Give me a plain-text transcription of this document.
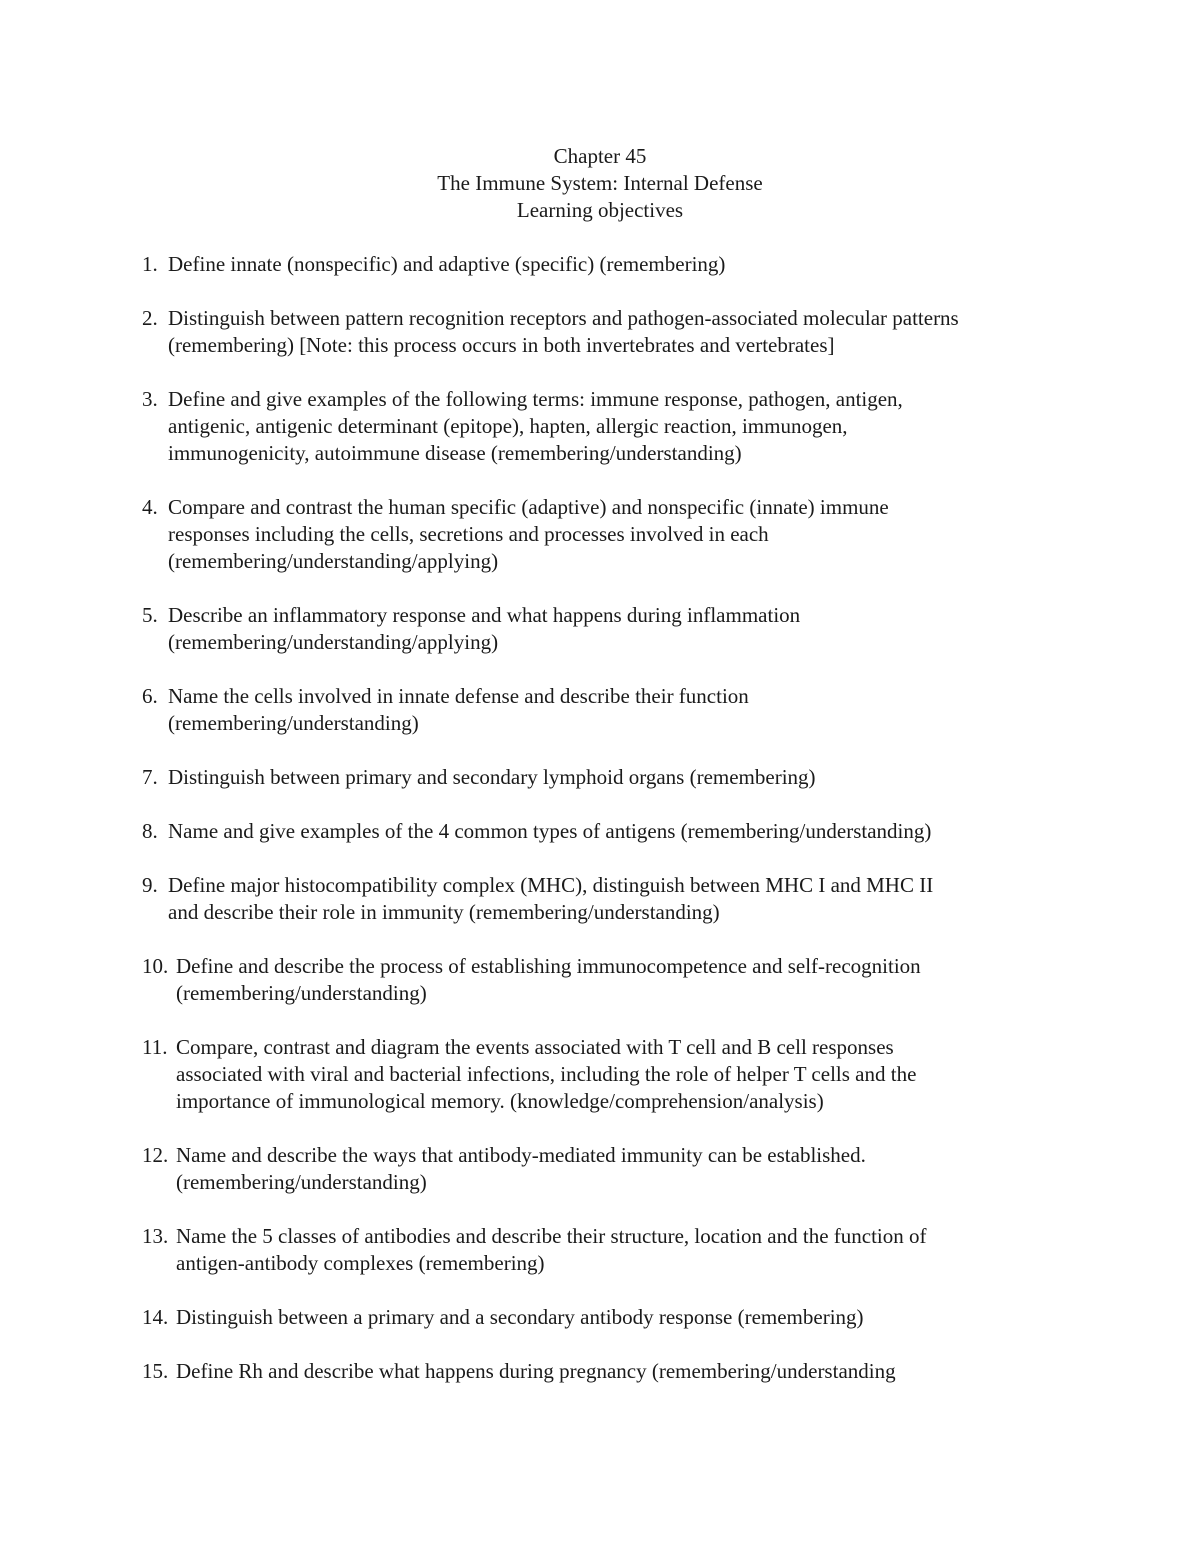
Chapter 45
The Immune System: Internal Defense
Learning objectives
1. Define innate (nonspecific) and adaptive (specific) (remembering)
2. Distinguish between pattern recognition receptors and pathogen-associated molecular patterns
(remembering) [Note: this process occurs in both invertebrates and vertebrates]
3. Define and give examples of the following terms: immune response, pathogen, antigen,
antigenic, antigenic determinant (epitope), hapten, allergic reaction, immunogen,
immunogenicity, autoimmune disease (remembering/understanding)
4. Compare and contrast the human specific (adaptive) and nonspecific (innate) immune
responses including the cells, secretions and processes involved in each
(remembering/understanding/applying)
5. Describe an inflammatory response and what happens during inflammation
(remembering/understanding/applying)
6. Name the cells involved in innate defense and describe their function
(remembering/understanding)
7. Distinguish between primary and secondary lymphoid organs (remembering)
8. Name and give examples of the 4 common types of antigens (remembering/understanding)
9. Define major histocompatibility complex (MHC), distinguish between MHC I and MHC II
and describe their role in immunity (remembering/understanding)
10. Define and describe the process of establishing immunocompetence and self-recognition
(remembering/understanding)
11. Compare, contrast and diagram the events associated with T cell and B cell responses
associated with viral and bacterial infections, including the role of helper T cells and the
importance of immunological memory. (knowledge/comprehension/analysis)
12. Name and describe the ways that antibody-mediated immunity can be established.
(remembering/understanding)
13. Name the 5 classes of antibodies and describe their structure, location and the function of
antigen-antibody complexes (remembering)
14. Distinguish between a primary and a secondary antibody response (remembering)
15. Define Rh and describe what happens during pregnancy (remembering/understanding
